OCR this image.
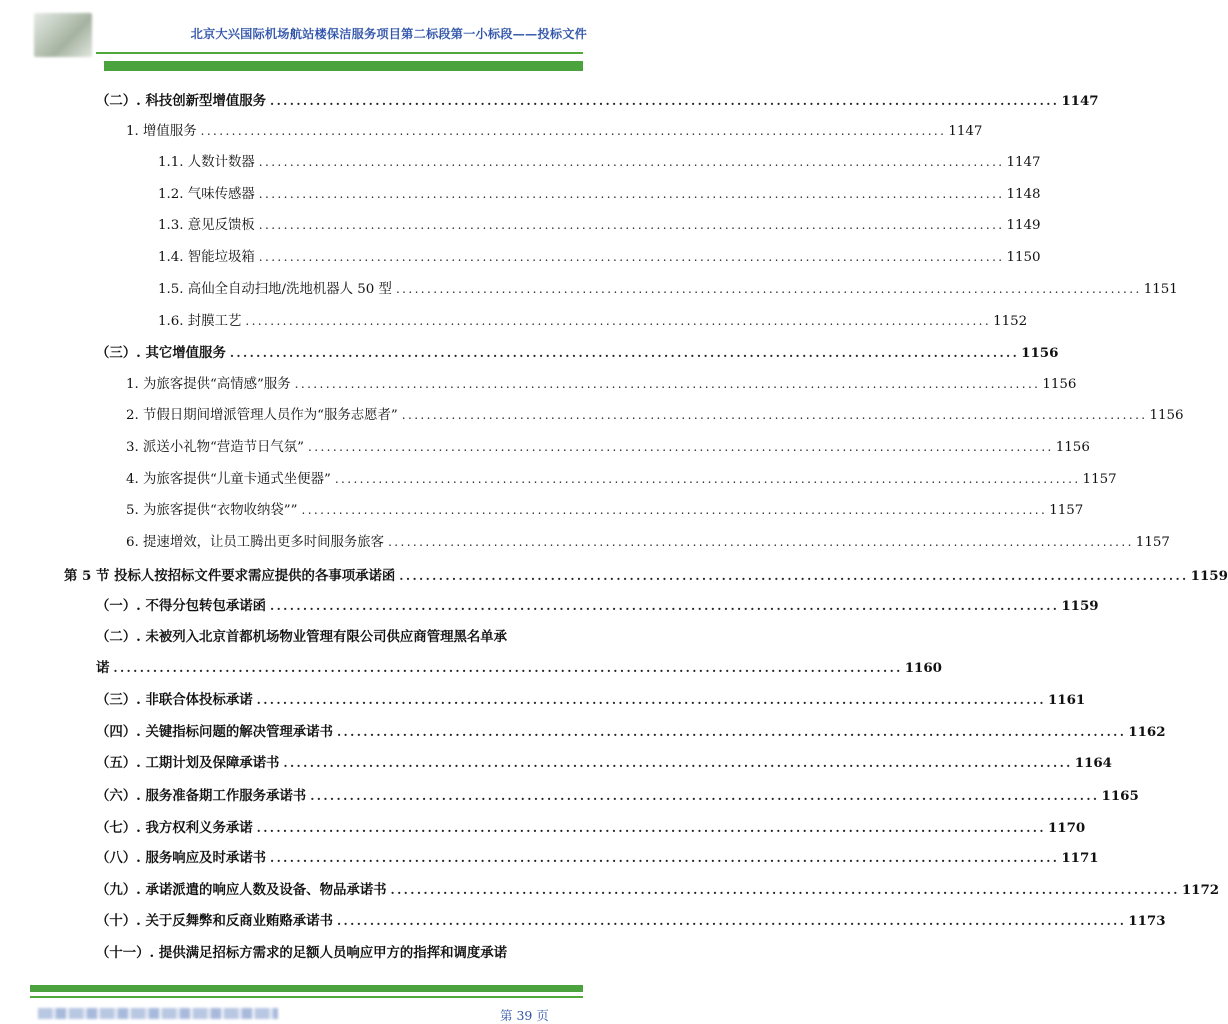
北京大兴国际机场航站楼保洁服务项目第二标段第一小标段——投标文件
（二）. 科技创新型增值服务 ........................................................................................................................ 1147
1. 增值服务 ........................................................................................................................ 1147
1.1. 人数计数器 ........................................................................................................................ 1147
1.2. 气味传感器 ........................................................................................................................ 1148
1.3. 意见反馈板 ........................................................................................................................ 1149
1.4. 智能垃圾箱 ........................................................................................................................ 1150
1.5. 高仙全自动扫地/洗地机器人 50 型 ........................................................................................................................ 1151
1.6. 封膜工艺 ........................................................................................................................ 1152
（三）. 其它增值服务 ........................................................................................................................ 1156
1. 为旅客提供“高情感”服务 ........................................................................................................................ 1156
2. 节假日期间增派管理人员作为“服务志愿者” ........................................................................................................................ 1156
3. 派送小礼物“营造节日气氛” ........................................................................................................................ 1156
4. 为旅客提供“儿童卡通式坐便器” ........................................................................................................................ 1157
5. 为旅客提供“衣物收纳袋”” ........................................................................................................................ 1157
6. 提速增效，让员工腾出更多时间服务旅客 ........................................................................................................................ 1157
第 5 节 投标人按招标文件要求需应提供的各事项承诺函 ........................................................................................................................ 1159
（一）. 不得分包转包承诺函 ........................................................................................................................ 1159
（二）. 未被列入北京首都机场物业管理有限公司供应商管理黑名单承
诺 ........................................................................................................................ 1160
（三）. 非联合体投标承诺 ........................................................................................................................ 1161
（四）. 关键指标问题的解决管理承诺书 ........................................................................................................................ 1162
（五）. 工期计划及保障承诺书 ........................................................................................................................ 1164
（六）. 服务准备期工作服务承诺书 ........................................................................................................................ 1165
（七）. 我方权利义务承诺 ........................................................................................................................ 1170
（八）. 服务响应及时承诺书 ........................................................................................................................ 1171
（九）. 承诺派遣的响应人数及设备、物品承诺书 ........................................................................................................................ 1172
（十）. 关于反舞弊和反商业贿赂承诺书 ........................................................................................................................ 1173
（十一）. 提供满足招标方需求的足额人员响应甲方的指挥和调度承诺
第 39 页
